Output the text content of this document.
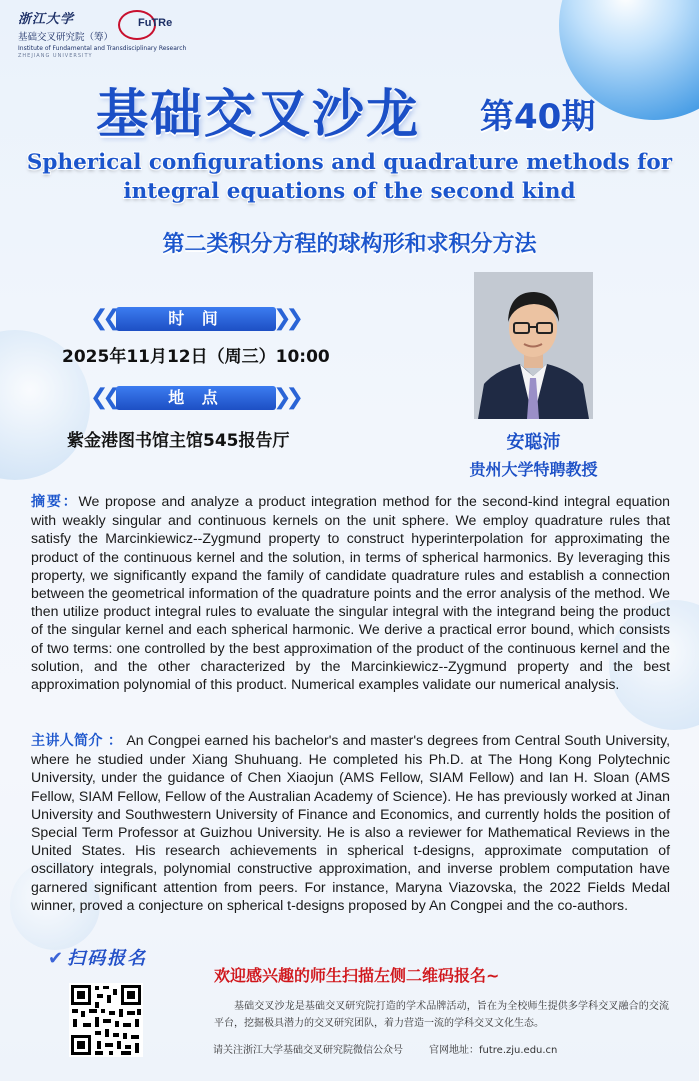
浙江大学
基础交叉研究院（筹）
Institute of Fundamental and Transdisciplinary Research
ZHEJIANG UNIVERSITY
FuTRe
基础交叉沙龙 第40期
Spherical configurations and quadrature methods for
integral equations of the second kind
第二类积分方程的球构形和求积分方法
❮❮	时 间	❯❯
2025年11月12日（周三）10:00
❮❮	地 点	❯❯
紫金港图书馆主馆545报告厅	安聪沛
贵州大学特聘教授
摘要：We propose and analyze a product integration method for the second-kind integral equation with weakly singular and continuous kernels on the unit sphere. We employ quadrature rules that satisfy the Marcinkiewicz--Zygmund property to construct hyperinterpolation for approximating the product of the continuous kernel and the solution, in terms of spherical harmonics. By leveraging this property, we significantly expand the family of candidate quadrature rules and establish a connection between the geometrical information of the quadrature points and the error analysis of the method. We then utilize product integral rules to evaluate the singular integral with the integrand being the product of the singular kernel and each spherical harmonic. We derive a practical error bound, which consists of two terms: one controlled by the best approximation of the product of the continuous kernel and the solution, and the other characterized by the Marcinkiewicz--Zygmund property and the best approximation polynomial of this product. Numerical examples validate our numerical analysis.
主讲人简介 ： An Congpei earned his bachelor's and master's degrees from Central South University, where he studied under Xiang Shuhuang. He completed his Ph.D. at The Hong Kong Polytechnic University, under the guidance of Chen Xiaojun (AMS Fellow, SIAM Fellow) and Ian H. Sloan (AMS Fellow, SIAM Fellow, Fellow of the Australian Academy of Science). He has previously worked at Jinan University and Southwestern University of Finance and Economics, and currently holds the position of Special Term Professor at Guizhou University. He is also a reviewer for Mathematical Reviews in the United States. His research achievements in spherical t-designs, approximate computation of oscillatory integrals, polynomial constructive approximation, and inverse problem computation have garnered significant attention from peers. For instance, Maryna Viazovska, the 2022 Fields Medal winner, proved a conjecture on spherical t-designs proposed by An Congpei and the co-authors.
✔ 扫码报名
欢迎感兴趣的师生扫描左侧二维码报名~
基础交叉沙龙是基础交叉研究院打造的学术品牌活动，旨在为全校师生提供多学科交叉融合的交流平台，挖掘极具潜力的交叉研究团队，着力营造一流的学科交叉文化生态。
请关注浙江大学基础交叉研究院微信公众号	官网地址：futre.zju.edu.cn
